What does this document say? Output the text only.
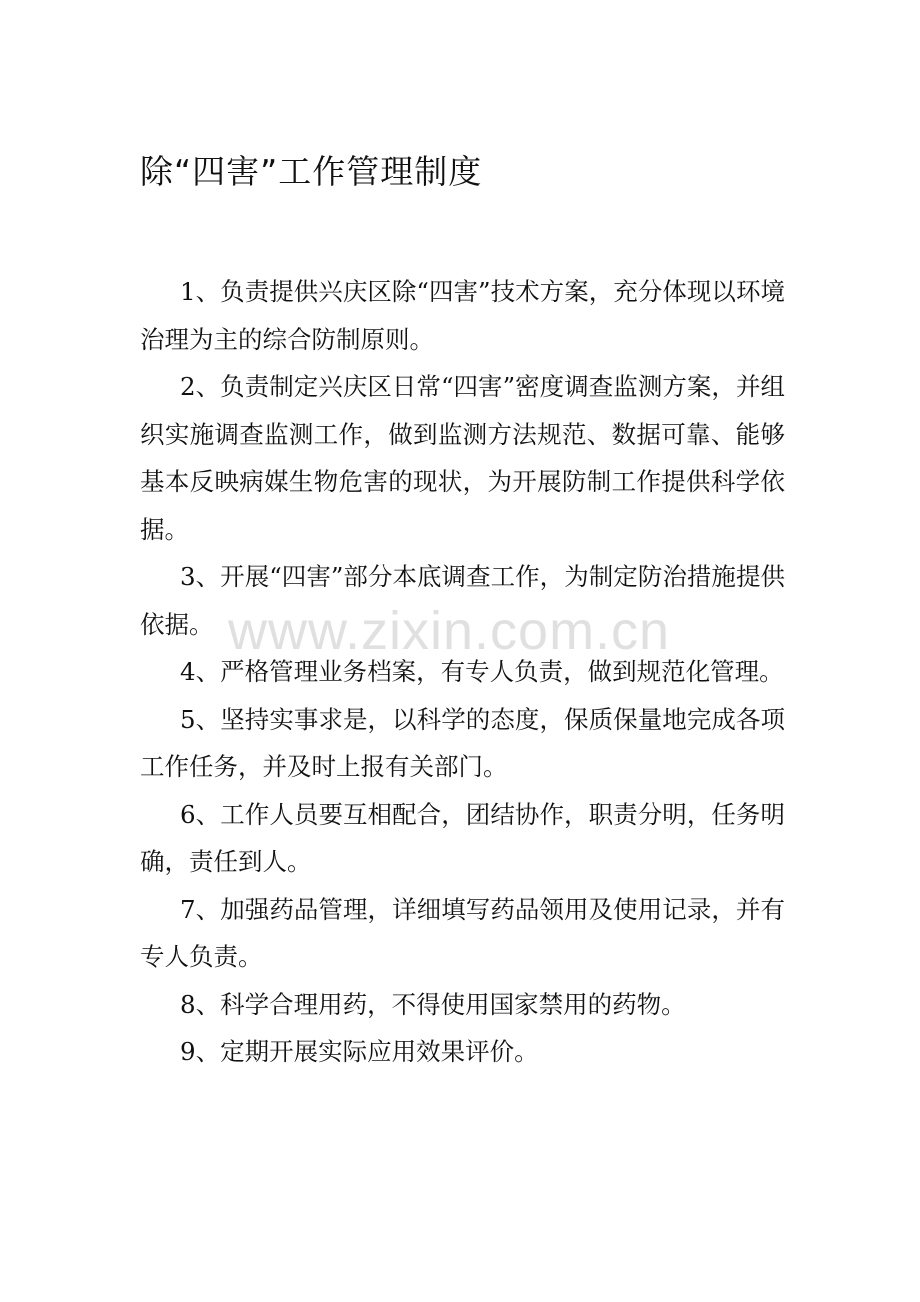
除“四害”工作管理制度

1、负责提供兴庆区除“四害”技术方案，充分体现以环境治理为主的综合防制原则。

2、负责制定兴庆区日常“四害”密度调查监测方案，并组织实施调查监测工作，做到监测方法规范、数据可靠、能够基本反映病媒生物危害的现状，为开展防制工作提供科学依据。

3、开展“四害”部分本底调查工作，为制定防治措施提供依据。

4、严格管理业务档案，有专人负责，做到规范化管理。

5、坚持实事求是，以科学的态度，保质保量地完成各项工作任务，并及时上报有关部门。

6、工作人员要互相配合，团结协作，职责分明，任务明确，责任到人。

7、加强药品管理，详细填写药品领用及使用记录，并有专人负责。

8、科学合理用药，不得使用国家禁用的药物。

9、定期开展实际应用效果评价。

www.zixin.com.cn
